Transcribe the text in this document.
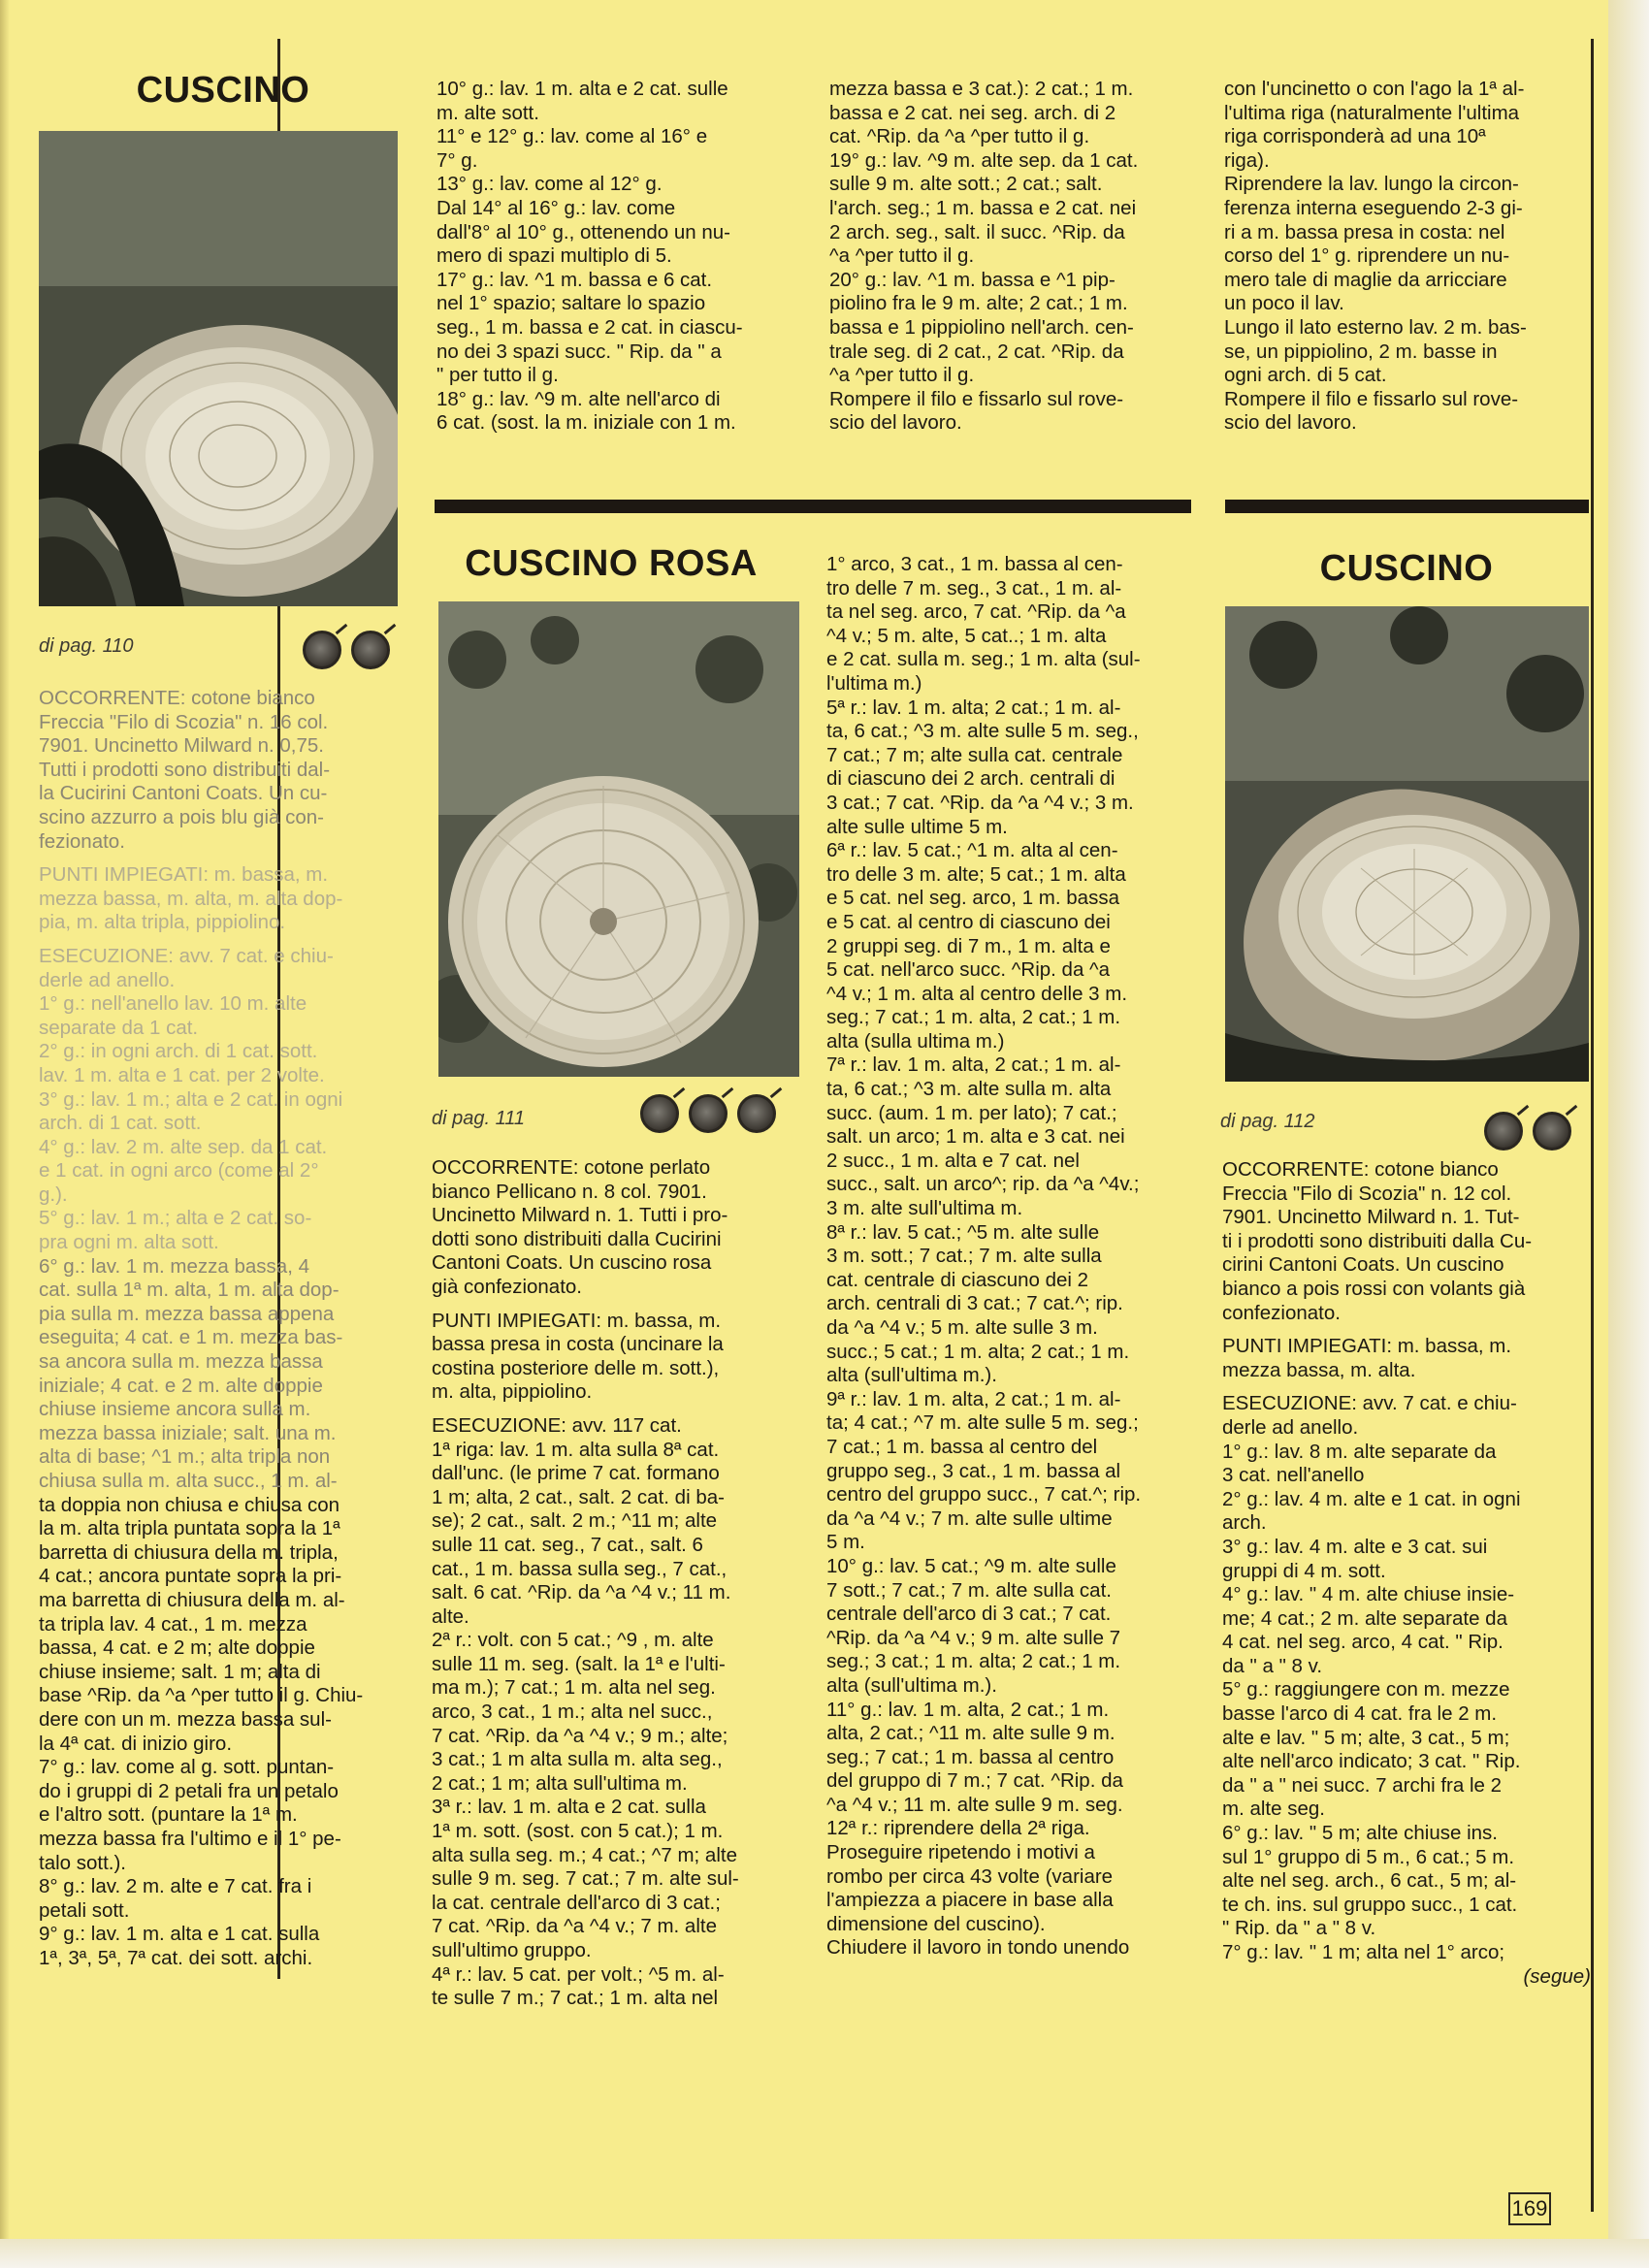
CUSCINO
di pag. 110

OCCORRENTE: cotone bianco
Freccia "Filo di Scozia" n. 16 col.
7901. Uncinetto Milward n. 0,75.
Tutti i prodotti sono distribuiti dal-
la Cucirini Cantoni Coats. Un cu-
scino azzurro a pois blu già con-
fezionato.

PUNTI IMPIEGATI: m. bassa, m.
mezza bassa, m. alta, m. alta dop-
pia, m. alta tripla, pippiolino.

ESECUZIONE: avv. 7 cat. e chiu-
derle ad anello.
1° g.: nell'anello lav. 10 m. alte
separate da 1 cat.
2° g.: in ogni arch. di 1 cat. sott.
lav. 1 m. alta e 1 cat. per 2 volte.
3° g.: lav. 1 m.; alta e 2 cat. in ogni
arch. di 1 cat. sott.
4° g.: lav. 2 m. alte sep. da 1 cat.
e 1 cat. in ogni arco (come al 2°
g.).
5° g.: lav. 1 m.; alta e 2 cat. so-
pra ogni m. alta sott.

6° g.: lav. 1 m. mezza bassa, 4
cat. sulla 1ª m. alta, 1 m. alta dop-
pia sulla m. mezza bassa appena
eseguita; 4 cat. e 1 m. mezza bas-
sa ancora sulla m. mezza bassa
iniziale; 4 cat. e 2 m. alte doppie
chiuse insieme ancora sulla m.
mezza bassa iniziale; salt. una m.
alta di base; ^1 m.; alta tripla non
chiusa sulla m. alta succ., 1 m. al-

ta doppia non chiusa e chiusa con
la m. alta tripla puntata sopra la 1ª
barretta di chiusura della m. tripla,
4 cat.; ancora puntate sopra la pri-
ma barretta di chiusura della m. al-
ta tripla lav. 4 cat., 1 m. mezza
bassa, 4 cat. e 2 m; alte doppie
chiuse insieme; salt. 1 m; alta di
base ^Rip. da ^a ^per tutto il g. Chiu-
dere con un m. mezza bassa sul-
la 4ª cat. di inizio giro.
7° g.: lav. come al g. sott. puntan-
do i gruppi di 2 petali fra un petalo
e l'altro sott. (puntare la 1ª m.
mezza bassa fra l'ultimo e il 1° pe-
talo sott.).
8° g.: lav. 2 m. alte e 7 cat. fra i
petali sott.
9° g.: lav. 1 m. alta e 1 cat. sulla
1ª, 3ª, 5ª, 7ª cat. dei sott. archi.

10° g.: lav. 1 m. alta e 2 cat. sulle
m. alte sott.
11° e 12° g.: lav. come al 16° e
7° g.
13° g.: lav. come al 12° g.
Dal 14° al 16° g.: lav. come
dall'8° al 10° g., ottenendo un nu-
mero di spazi multiplo di 5.
17° g.: lav. ^1 m. bassa e 6 cat.
nel 1° spazio; saltare lo spazio
seg., 1 m. bassa e 2 cat. in ciascu-
no dei 3 spazi succ. " Rip. da " a
" per tutto il g.
18° g.: lav. ^9 m. alte nell'arco di
6 cat. (sost. la m. iniziale con 1 m.

mezza bassa e 3 cat.): 2 cat.; 1 m.
bassa e 2 cat. nei seg. arch. di 2
cat. ^Rip. da ^a ^per tutto il g.
19° g.: lav. ^9 m. alte sep. da 1 cat.
sulle 9 m. alte sott.; 2 cat.; salt.
l'arch. seg.; 1 m. bassa e 2 cat. nei
2 arch. seg., salt. il succ. ^Rip. da
^a ^per tutto il g.
20° g.: lav. ^1 m. bassa e ^1 pip-
piolino fra le 9 m. alte; 2 cat.; 1 m.
bassa e 1 pippiolino nell'arch. cen-
trale seg. di 2 cat., 2 cat. ^Rip. da
^a ^per tutto il g.
Rompere il filo e fissarlo sul rove-
scio del lavoro.

con l'uncinetto o con l'ago la 1ª al-
l'ultima riga (naturalmente l'ultima
riga corrisponderà ad una 10ª
riga).
Riprendere la lav. lungo la circon-
ferenza interna eseguendo 2-3 gi-
ri a m. bassa presa in costa: nel
corso del 1° g. riprendere un nu-
mero tale di maglie da arricciare
un poco il lav.
Lungo il lato esterno lav. 2 m. bas-
se, un pippiolino, 2 m. basse in
ogni arch. di 5 cat.
Rompere il filo e fissarlo sul rove-
scio del lavoro.

CUSCINO ROSA
di pag. 111

OCCORRENTE: cotone perlato
bianco Pellicano n. 8 col. 7901.
Uncinetto Milward n. 1. Tutti i pro-
dotti sono distribuiti dalla Cucirini
Cantoni Coats. Un cuscino rosa
già confezionato.

PUNTI IMPIEGATI: m. bassa, m.
bassa presa in costa (uncinare la
costina posteriore delle m. sott.),
m. alta, pippiolino.

ESECUZIONE: avv. 117 cat.
1ª riga: lav. 1 m. alta sulla 8ª cat.
dall'unc. (le prime 7 cat. formano
1 m; alta, 2 cat., salt. 2 cat. di ba-
se); 2 cat., salt. 2 m.; ^11 m; alte
sulle 11 cat. seg., 7 cat., salt. 6
cat., 1 m. bassa sulla seg., 7 cat.,
salt. 6 cat. ^Rip. da ^a ^4 v.; 11 m.
alte.
2ª r.: volt. con 5 cat.; ^9 , m. alte
sulle 11 m. seg. (salt. la 1ª e l'ulti-
ma m.); 7 cat.; 1 m. alta nel seg.
arco, 3 cat., 1 m.; alta nel succ.,
7 cat. ^Rip. da ^a ^4 v.; 9 m.; alte;
3 cat.; 1 m alta sulla m. alta seg.,
2 cat.; 1 m; alta sull'ultima m.
3ª r.: lav. 1 m. alta e 2 cat. sulla
1ª m. sott. (sost. con 5 cat.); 1 m.
alta sulla seg. m.; 4 cat.; ^7 m; alte
sulle 9 m. seg. 7 cat.; 7 m. alte sul-
la cat. centrale dell'arco di 3 cat.;
7 cat. ^Rip. da ^a ^4 v.; 7 m. alte
sull'ultimo gruppo.
4ª r.: lav. 5 cat. per volt.; ^5 m. al-
te sulle 7 m.; 7 cat.; 1 m. alta nel

1° arco, 3 cat., 1 m. bassa al cen-
tro delle 7 m. seg., 3 cat., 1 m. al-
ta nel seg. arco, 7 cat. ^Rip. da ^a
^4 v.; 5 m. alte, 5 cat..; 1 m. alta
e 2 cat. sulla m. seg.; 1 m. alta (sul-
l'ultima m.)
5ª r.: lav. 1 m. alta; 2 cat.; 1 m. al-
ta, 6 cat.; ^3 m. alte sulle 5 m. seg.,
7 cat.; 7 m; alte sulla cat. centrale
di ciascuno dei 2 arch. centrali di
3 cat.; 7 cat. ^Rip. da ^a ^4 v.; 3 m.
alte sulle ultime 5 m.
6ª r.: lav. 5 cat.; ^1 m. alta al cen-
tro delle 3 m. alte; 5 cat.; 1 m. alta
e 5 cat. nel seg. arco, 1 m. bassa
e 5 cat. al centro di ciascuno dei
2 gruppi seg. di 7 m., 1 m. alta e
5 cat. nell'arco succ. ^Rip. da ^a
^4 v.; 1 m. alta al centro delle 3 m.
seg.; 7 cat.; 1 m. alta, 2 cat.; 1 m.
alta (sulla ultima m.)
7ª r.: lav. 1 m. alta, 2 cat.; 1 m. al-
ta, 6 cat.; ^3 m. alte sulla m. alta
succ. (aum. 1 m. per lato); 7 cat.;
salt. un arco; 1 m. alta e 3 cat. nei
2 succ., 1 m. alta e 7 cat. nel
succ., salt. un arco^; rip. da ^a ^4v.;
3 m. alte sull'ultima m.
8ª r.: lav. 5 cat.; ^5 m. alte sulle
3 m. sott.; 7 cat.; 7 m. alte sulla
cat. centrale di ciascuno dei 2
arch. centrali di 3 cat.; 7 cat.^; rip.
da ^a ^4 v.; 5 m. alte sulle 3 m.
succ.; 5 cat.; 1 m. alta; 2 cat.; 1 m.
alta (sull'ultima m.).
9ª r.: lav. 1 m. alta, 2 cat.; 1 m. al-
ta; 4 cat.; ^7 m. alte sulle 5 m. seg.;
7 cat.; 1 m. bassa al centro del
gruppo seg., 3 cat., 1 m. bassa al
centro del gruppo succ., 7 cat.^; rip.
da ^a ^4 v.; 7 m. alte sulle ultime
5 m.
10° g.: lav. 5 cat.; ^9 m. alte sulle
7 sott.; 7 cat.; 7 m. alte sulla cat.
centrale dell'arco di 3 cat.; 7 cat.
^Rip. da ^a ^4 v.; 9 m. alte sulle 7
seg.; 3 cat.; 1 m. alta; 2 cat.; 1 m.
alta (sull'ultima m.).
11° g.: lav. 1 m. alta, 2 cat.; 1 m.
alta, 2 cat.; ^11 m. alte sulle 9 m.
seg.; 7 cat.; 1 m. bassa al centro
del gruppo di 7 m.; 7 cat. ^Rip. da
^a ^4 v.; 11 m. alte sulle 9 m. seg.
12ª r.: riprendere della 2ª riga.
Proseguire ripetendo i motivi a
rombo per circa 43 volte (variare
l'ampiezza a piacere in base alla
dimensione del cuscino).
Chiudere il lavoro in tondo unendo

CUSCINO
di pag. 112

OCCORRENTE: cotone bianco
Freccia "Filo di Scozia" n. 12 col.
7901. Uncinetto Milward n. 1. Tut-
ti i prodotti sono distribuiti dalla Cu-
cirini Cantoni Coats. Un cuscino
bianco a pois rossi con volants già
confezionato.

PUNTI IMPIEGATI: m. bassa, m.
mezza bassa, m. alta.

ESECUZIONE: avv. 7 cat. e chiu-
derle ad anello.
1° g.: lav. 8 m. alte separate da
3 cat. nell'anello
2° g.: lav. 4 m. alte e 1 cat. in ogni
arch.
3° g.: lav. 4 m. alte e 3 cat. sui
gruppi di 4 m. sott.
4° g.: lav. " 4 m. alte chiuse insie-
me; 4 cat.; 2 m. alte separate da
4 cat. nel seg. arco, 4 cat. " Rip.
da " a " 8 v.
5° g.: raggiungere con m. mezze
basse l'arco di 4 cat. fra le 2 m.
alte e lav. " 5 m; alte, 3 cat., 5 m;
alte nell'arco indicato; 3 cat. " Rip.
da " a " nei succ. 7 archi fra le 2
m. alte seg.
6° g.: lav. " 5 m; alte chiuse ins.
sul 1° gruppo di 5 m., 6 cat.; 5 m.
alte nel seg. arch., 6 cat., 5 m; al-
te ch. ins. sul gruppo succ., 1 cat.
" Rip. da " a " 8 v.
7° g.: lav. " 1 m; alta nel 1° arco;

(segue)

169
